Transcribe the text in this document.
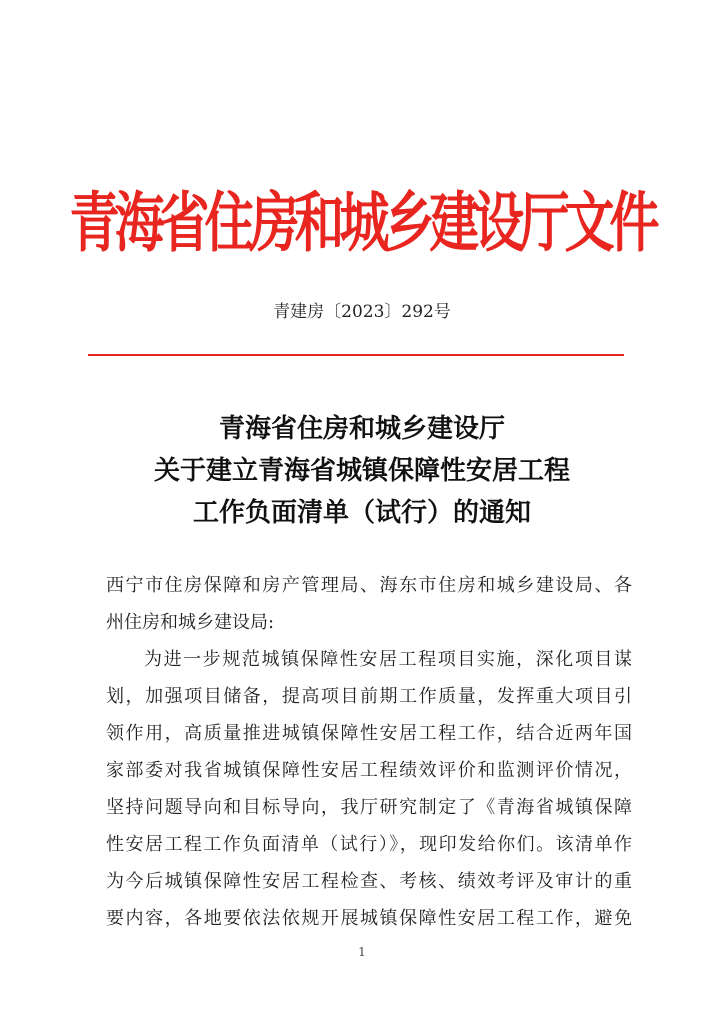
青海省住房和城乡建设厅文件
青建房〔2023〕292号
青海省住房和城乡建设厅
关于建立青海省城镇保障性安居工程
工作负面清单（试行）的通知
西宁市住房保障和房产管理局、海东市住房和城乡建设局、各
州住房和城乡建设局:
为进一步规范城镇保障性安居工程项目实施，深化项目谋
划，加强项目储备，提高项目前期工作质量，发挥重大项目引
领作用，高质量推进城镇保障性安居工程工作，结合近两年国
家部委对我省城镇保障性安居工程绩效评价和监测评价情况，
坚持问题导向和目标导向，我厅研究制定了《青海省城镇保障
性安居工程工作负面清单（试行）》，现印发给你们。该清单作
为今后城镇保障性安居工程检查、考核、绩效考评及审计的重
要内容，各地要依法依规开展城镇保障性安居工程工作，避免
1
